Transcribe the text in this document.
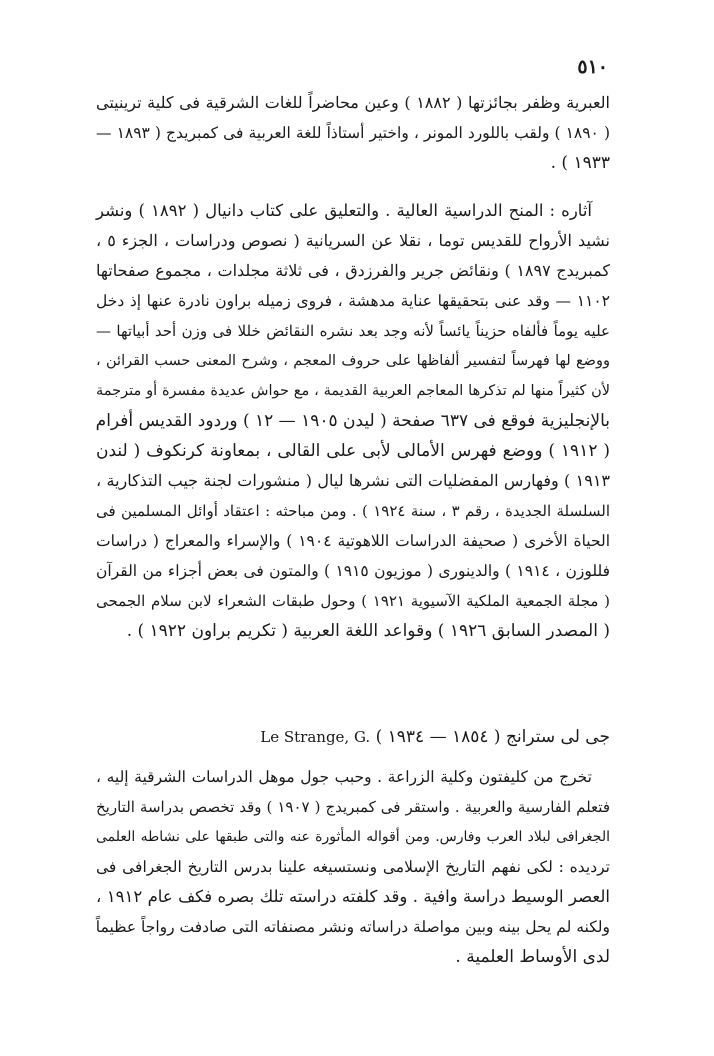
٥١٠
العبرية وظفر بجائزتها ( ١٨٨٢ ) وعين محاضراً للغات الشرقية فى كلية ترينيتى
( ١٨٩٠ ) ولقب باللورد المونر ، واختير أستاذاً للغة العربية فى كمبريدج ( ١٨٩٣ —
١٩٣٣ ) .
آثاره : المنح الدراسية العالية . والتعليق على كتاب دانيال ( ١٨٩٢ ) ونشر
نشيد الأرواح للقديس توما ، نقلا عن السريانية ( نصوص ودراسات ، الجزء ٥ ،
كمبريدج ١٨٩٧ ) ونقائض جرير والفرزدق ، فى ثلاثة مجلدات ، مجموع صفحاتها
١١٠٢ — وقد عنى بتحقيقها عناية مدهشة ، فروى زميله براون نادرة عنها إذ دخل
عليه يوماً فألفاه حزيناً يائساً لأنه وجد بعد نشره النقائض خللا فى وزن أحد أبياتها —
ووضع لها فهرساً لتفسير ألفاظها على حروف المعجم ، وشرح المعنى حسب القرائن ،
لأن كثيراً منها لم تذكرها المعاجم العربية القديمة ، مع حواش عديدة مفسرة أو مترجمة
بالإنجليزية فوقع فى ٦٣٧ صفحة ( ليدن ١٩٠٥ — ١٢ ) وردود القديس أفرام
( ١٩١٢ ) ووضع فهرس الأمالى لأبى على القالى ، بمعاونة كرنكوف ( لندن
١٩١٣ ) وفهارس المفضليات التى نشرها ليال ( منشورات لجنة جيب التذكارية ،
السلسلة الجديدة ، رقم ٣ ، سنة ١٩٢٤ ) . ومن مباحثه : اعتقاد أوائل المسلمين فى
الحياة الأخرى ( صحيفة الدراسات اللاهوتية ١٩٠٤ ) والإسراء والمعراج ( دراسات
فللوزن ، ١٩١٤ ) والدينورى ( موزيون ١٩١٥ ) والمتون فى بعض أجزاء من القرآن
( مجلة الجمعية الملكية الآسيوية ١٩٢١ ) وحول طبقات الشعراء لابن سلام الجمحى
( المصدر السابق ١٩٢٦ ) وقواعد اللغة العربية ( تكريم براون ١٩٢٢ ) .
جى لى سترانج ( ١٨٥٤ — ١٩٣٤ ) Le Strange, G.
تخرج من كليفتون وكلية الزراعة . وحبب جول موهل الدراسات الشرقية إليه ،
فتعلم الفارسية والعربية . واستقر فى كمبريدج ( ١٩٠٧ ) وقد تخصص بدراسة التاريخ
الجغرافى لبلاد العرب وفارس. ومن أقواله المأثورة عنه والتى طبقها على نشاطه العلمى
ترديده : لكى نفهم التاريخ الإسلامى ونستسيغه علينا بدرس التاريخ الجغرافى فى
العصر الوسيط دراسة وافية . وقد كلفته دراسته تلك بصره فكف عام ١٩١٢ ،
ولكنه لم يحل بينه وبين مواصلة دراساته ونشر مصنفاته التى صادفت رواجاً عظيماً
لدى الأوساط العلمية .
